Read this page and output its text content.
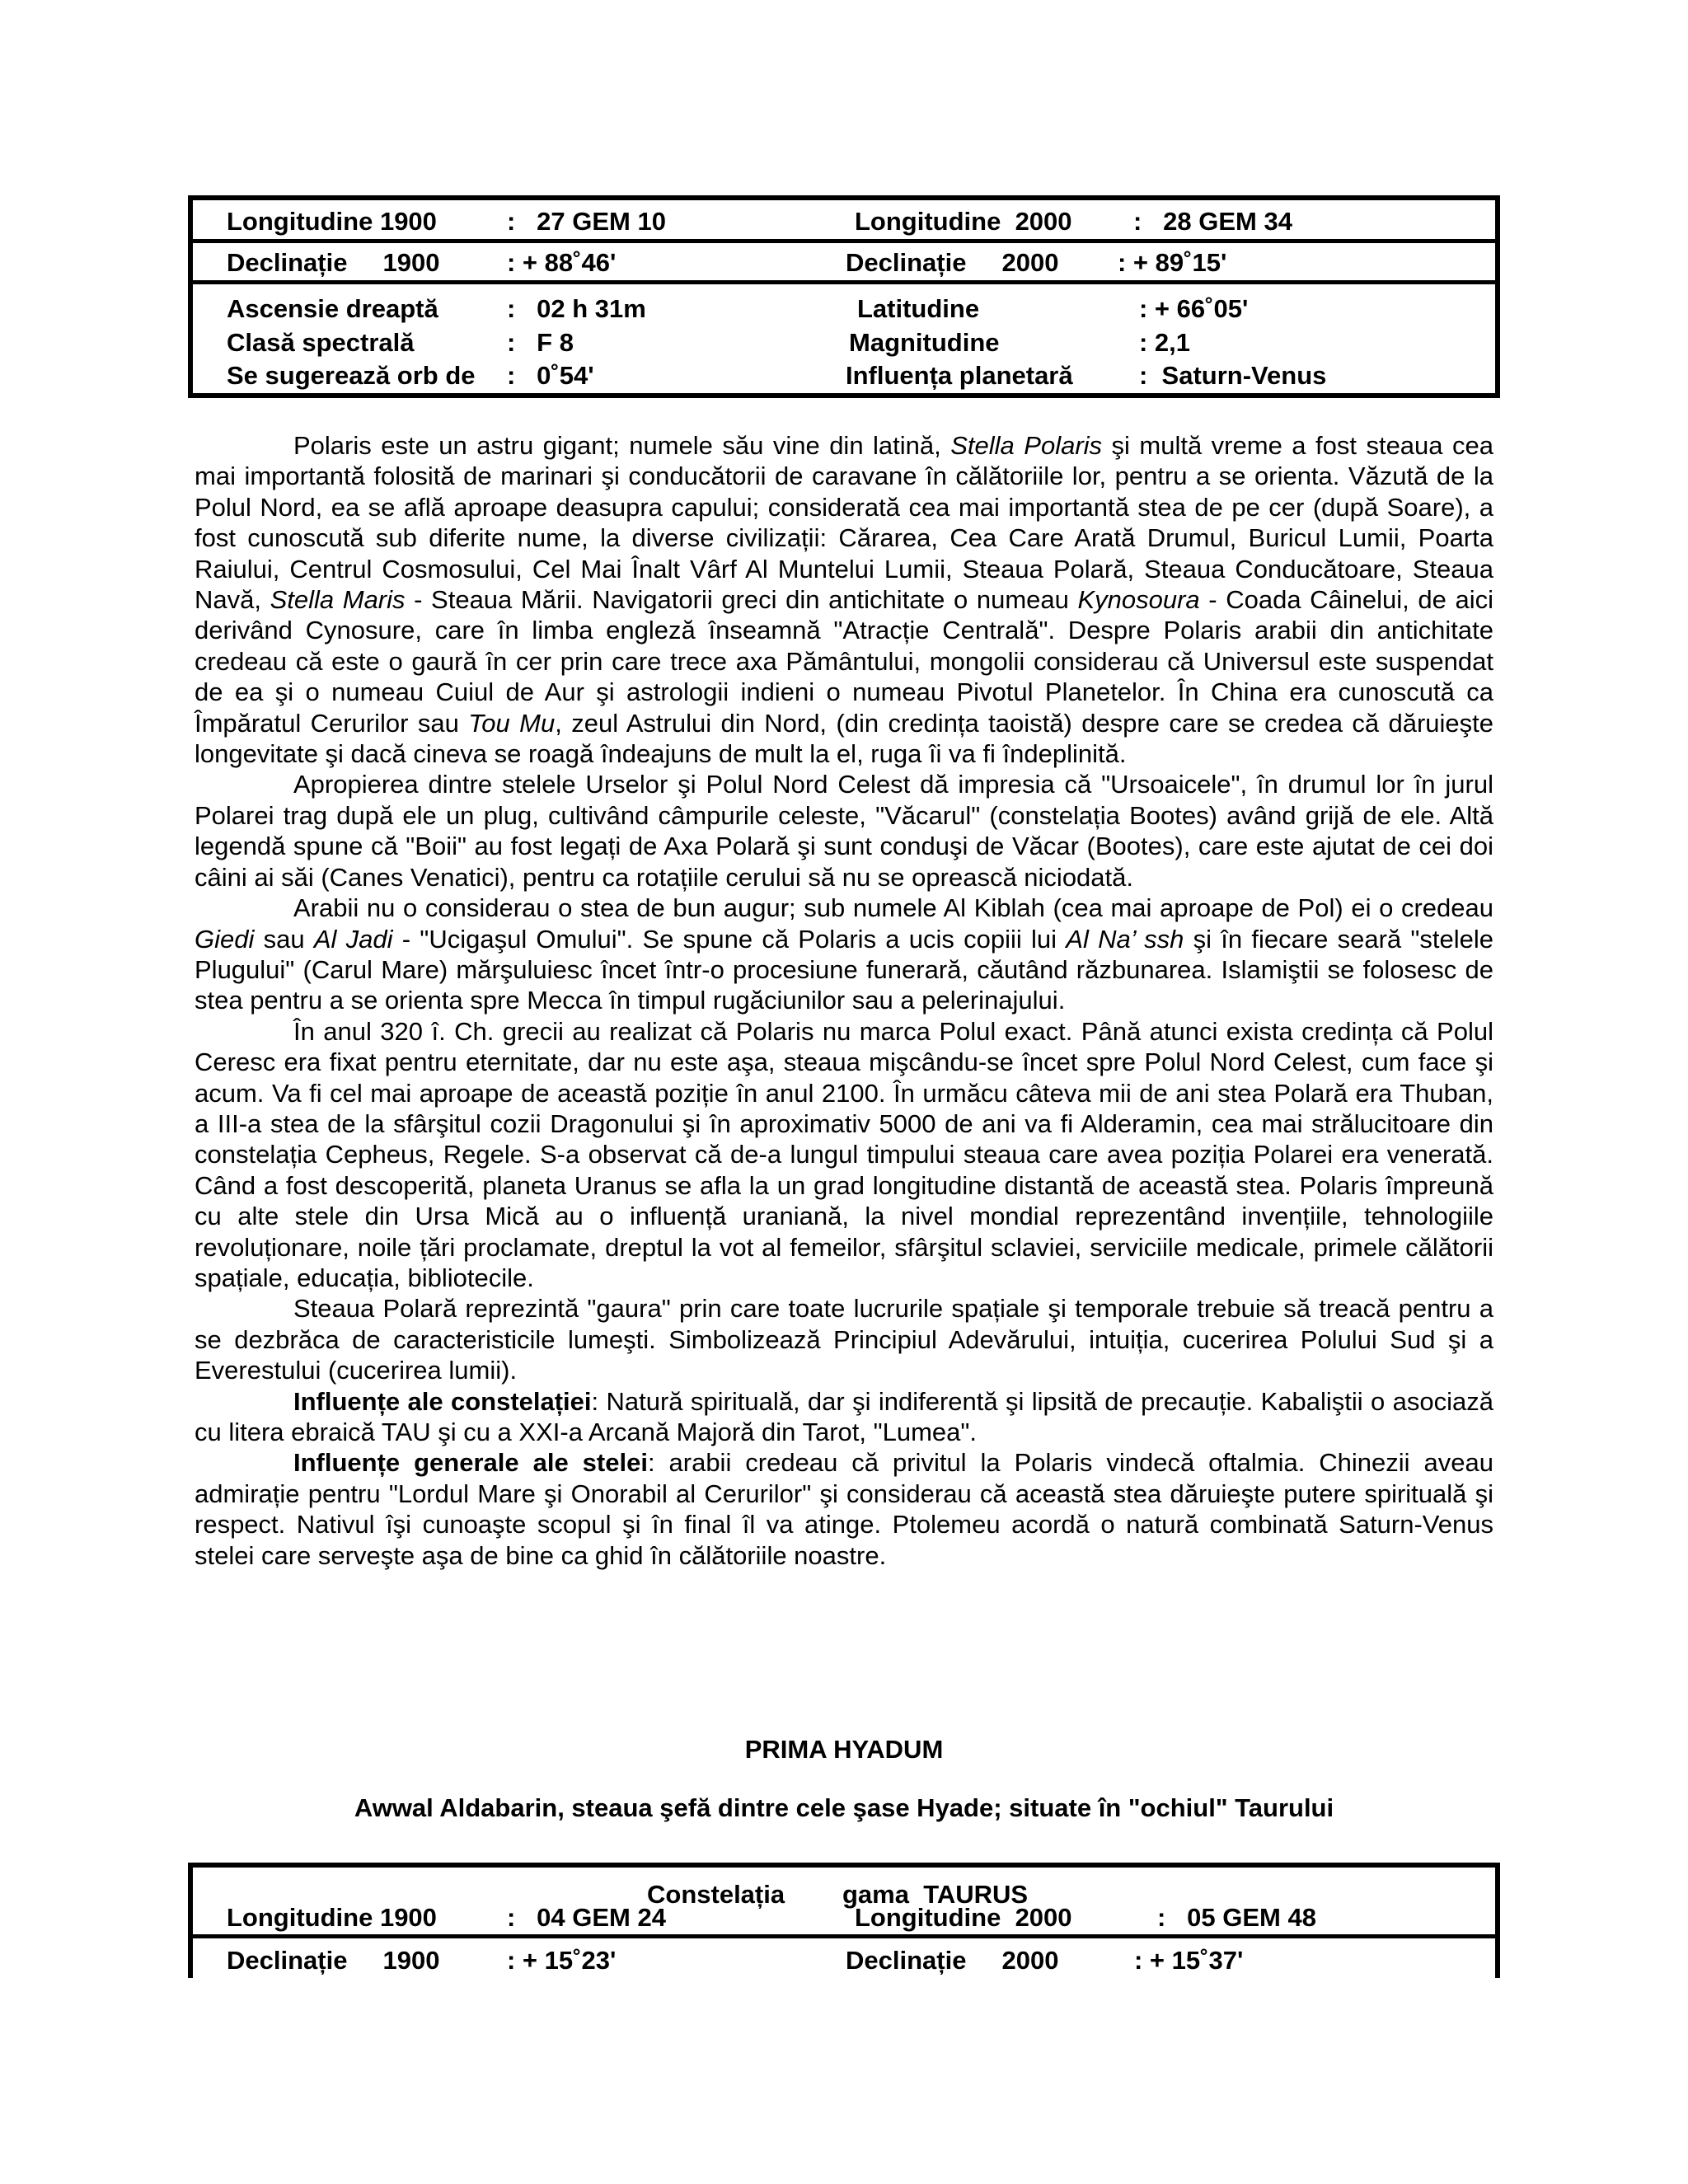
Longitudine 1900	:   27 GEM 10	Longitudine  2000 :   28 GEM 34
Declinație     1900	: + 88˚46ʹ	Declinație     2000 : + 89˚15ʹ
Ascensie dreaptă	:   02 h 31m	Latitudine	: + 66˚05ʹ
Clasă spectrală	:   F 8	Magnitudine	: 2,1
Se sugerează orb de :   0˚54ʹ	Influența planetară	:  Saturn-Venus

Polaris este un astru gigant; numele său vine din latină, Stella Polaris şi multă vreme a fost steaua cea mai importantă folosită de marinari şi conducătorii de caravane în călătoriile lor, pentru a se orienta. Văzută de la Polul Nord, ea se află aproape deasupra capului; considerată cea mai importantă stea de pe cer (după Soare), a fost cunoscută sub diferite nume, la diverse civilizații: Cărarea, Cea Care Arată Drumul, Buricul Lumii, Poarta Raiului, Centrul Cosmosului, Cel Mai Înalt Vârf Al Muntelui Lumii, Steaua Polară, Steaua Conducătoare, Steaua Navă, Stella Maris - Steaua Mării. Navigatorii greci din antichitate o numeau Kynosoura - Coada Câinelui, de aici derivând Cynosure, care în limba engleză înseamnă "Atracție Centrală". Despre Polaris arabii din antichitate credeau că este o gaură în cer prin care trece axa Pământului, mongolii considerau că Universul este suspendat de ea şi o numeau Cuiul de Aur şi astrologii indieni o numeau Pivotul Planetelor. În China era cunoscută ca Împăratul Cerurilor sau Tou Mu, zeul Astrului din Nord, (din credința taoistă) despre care se credea că dăruieşte longevitate şi dacă cineva se roagă îndeajuns de mult la el, ruga îi va fi îndeplinită.

Apropierea dintre stelele Urselor şi Polul Nord Celest dă impresia că "Ursoaicele", în drumul lor în jurul Polarei trag după ele un plug, cultivând câmpurile celeste, "Văcarul" (constelația Bootes) având grijă de ele. Altă legendă spune că "Boii" au fost legați de Axa Polară şi sunt conduşi de Văcar (Bootes), care este ajutat de cei doi câini ai săi (Canes Venatici), pentru ca rotațiile cerului să nu se oprească niciodată.

Arabii nu o considerau o stea de bun augur; sub numele Al Kiblah (cea mai aproape de Pol) ei o credeau Giedi sau Al Jadi - "Ucigaşul Omului". Se spune că Polaris a ucis copiii lui Al Na’ ssh şi în fiecare seară "stelele Plugului" (Carul Mare) mărşuluiesc încet într-o procesiune funerară, căutând răzbunarea. Islamiştii se folosesc de stea pentru a se orienta spre Mecca în timpul rugăciunilor sau a pelerinajului.

În anul 320 î. Ch. grecii au realizat că Polaris nu marca Polul exact. Până atunci exista credința că Polul Ceresc era fixat pentru eternitate, dar nu este aşa, steaua mişcându-se încet spre Polul Nord Celest, cum face şi acum. Va fi cel mai aproape de această poziție în anul 2100. În urmăcu câteva mii de ani stea Polară era Thuban, a III-a stea de la sfârşitul cozii Dragonului şi în aproximativ 5000 de ani va fi Alderamin, cea mai strălucitoare din constelația Cepheus, Regele. S-a observat că de-a lungul timpului steaua care avea poziția Polarei era venerată. Când a fost descoperită, planeta Uranus se afla la un grad longitudine distantă de această stea. Polaris împreună cu alte stele din Ursa Mică au o influență uraniană, la nivel mondial reprezentând invențiile, tehnologiile revoluționare, noile țări proclamate, dreptul la vot al femeilor, sfârşitul sclaviei, serviciile medicale, primele călătorii spațiale, educația, bibliotecile.

Steaua Polară reprezintă "gaura" prin care toate lucrurile spațiale şi temporale trebuie să treacă pentru a se dezbrăca de caracteristicile lumeşti. Simbolizează Principiul Adevărului, intuiția, cucerirea Polului Sud şi a Everestului (cucerirea lumii).

Influențe ale constelației: Natură spirituală, dar şi indiferentă şi lipsită de precauție. Kabaliştii o asociază cu litera ebraică TAU şi cu a XXI-a Arcană Majoră din Tarot, "Lumea".

Influențe generale ale stelei: arabii credeau că privitul la Polaris vindecă oftalmia. Chinezii aveau admirație pentru "Lordul Mare şi Onorabil al Cerurilor" şi considerau că această stea dăruieşte putere spirituală şi respect. Nativul îşi cunoaşte scopul şi în final îl va atinge. Ptolemeu acordă o natură combinată Saturn-Venus stelei care serveşte aşa de bine ca ghid în călătoriile noastre.

PRIMA HYADUM
Awwal Aldabarin, steaua şefă dintre cele şase Hyade; situate în "ochiul" Taurului
Constelația gama  TAURUS
Longitudine 1900	:   04 GEM 24	Longitudine  2000	:   05 GEM 48
Declinație     1900	: + 15˚23ʹ	Declinație     2000	: + 15˚37ʹ
